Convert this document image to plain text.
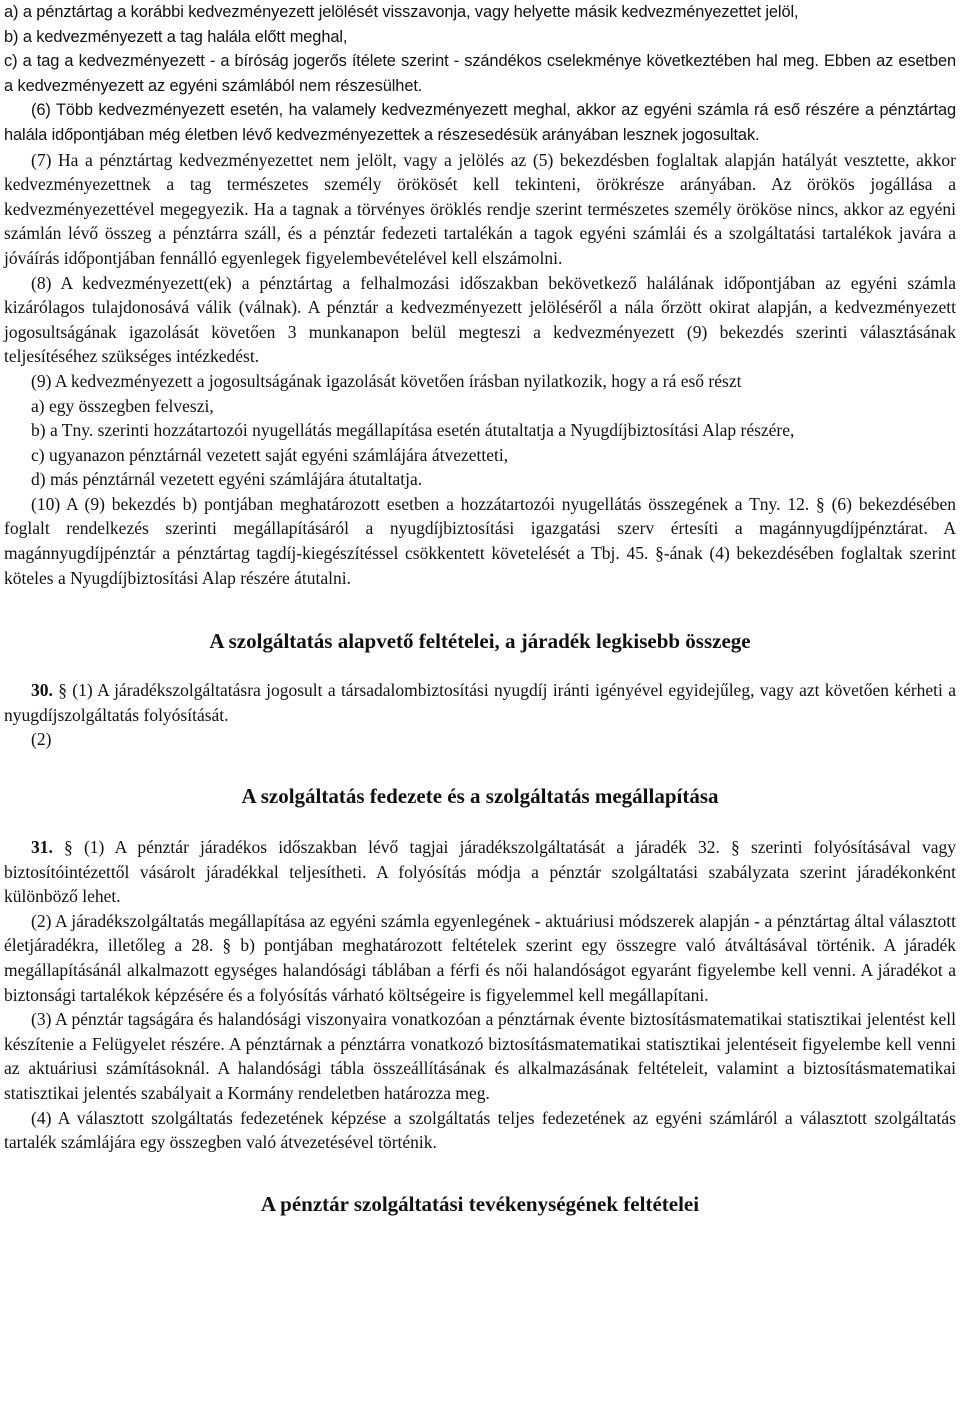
a) a pénztártag a korábbi kedvezményezett jelölését visszavonja, vagy helyette másik kedvezményezettet jelöl,

b) a kedvezményezett a tag halála előtt meghal,

c) a tag a kedvezményezett - a bíróság jogerős ítélete szerint - szándékos cselekménye következtében hal meg. Ebben az esetben a kedvezményezett az egyéni számlából nem részesülhet.

(6) Több kedvezményezett esetén, ha valamely kedvezményezett meghal, akkor az egyéni számla rá eső részére a pénztártag halála időpontjában még életben lévő kedvezményezettek a részesedésük arányában lesznek jogosultak.

(7) Ha a pénztártag kedvezményezettet nem jelölt, vagy a jelölés az (5) bekezdésben foglaltak alapján hatályát vesztette, akkor kedvezményezettnek a tag természetes személy örökösét kell tekinteni, örökrésze arányában. Az örökös jogállása a kedvezményezettével megegyezik. Ha a tagnak a törvényes öröklés rendje szerint természetes személy örököse nincs, akkor az egyéni számlán lévő összeg a pénztárra száll, és a pénztár fedezeti tartalékán a tagok egyéni számlái és a szolgáltatási tartalékok javára a jóváírás időpontjában fennálló egyenlegek figyelembevételével kell elszámolni.

(8) A kedvezményezett(ek) a pénztártag a felhalmozási időszakban bekövetkező halálának időpontjában az egyéni számla kizárólagos tulajdonosává válik (válnak). A pénztár a kedvezményezett jelöléséről a nála őrzött okirat alapján, a kedvezményezett jogosultságának igazolását követően 3 munkanapon belül megteszi a kedvezményezett (9) bekezdés szerinti választásának teljesítéséhez szükséges intézkedést.

(9) A kedvezményezett a jogosultságának igazolását követően írásban nyilatkozik, hogy a rá eső részt

a) egy összegben felveszi,

b) a Tny. szerinti hozzátartozói nyugellátás megállapítása esetén átutaltatja a Nyugdíjbiztosítási Alap részére,

c) ugyanazon pénztárnál vezetett saját egyéni számlájára átvezetteti,

d) más pénztárnál vezetett egyéni számlájára átutaltatja.

(10) A (9) bekezdés b) pontjában meghatározott esetben a hozzátartozói nyugellátás összegének a Tny. 12. § (6) bekezdésében foglalt rendelkezés szerinti megállapításáról a nyugdíjbiztosítási igazgatási szerv értesíti a magánnyugdíjpénztárat. A magánnyugdíjpénztár a pénztártag tagdíj-kiegészítéssel csökkentett követelését a Tbj. 45. §-ának (4) bekezdésében foglaltak szerint köteles a Nyugdíjbiztosítási Alap részére átutalni.

A szolgáltatás alapvető feltételei, a járadék legkisebb összege

30. § (1) A járadékszolgáltatásra jogosult a társadalombiztosítási nyugdíj iránti igényével egyidejűleg, vagy azt követően kérheti a nyugdíjszolgáltatás folyósítását.

(2)

A szolgáltatás fedezete és a szolgáltatás megállapítása

31. § (1) A pénztár járadékos időszakban lévő tagjai járadékszolgáltatását a járadék 32. § szerinti folyósításával vagy biztosítóintézettől vásárolt járadékkal teljesítheti. A folyósítás módja a pénztár szolgáltatási szabályzata szerint járadékonként különböző lehet.

(2) A járadékszolgáltatás megállapítása az egyéni számla egyenlegének - aktuáriusi módszerek alapján - a pénztártag által választott életjáradékra, illetőleg a 28. § b) pontjában meghatározott feltételek szerint egy összegre való átváltásával történik. A járadék megállapításánál alkalmazott egységes halandósági táblában a férfi és női halandóságot egyaránt figyelembe kell venni. A járadékot a biztonsági tartalékok képzésére és a folyósítás várható költségeire is figyelemmel kell megállapítani.

(3) A pénztár tagságára és halandósági viszonyaira vonatkozóan a pénztárnak évente biztosításmatematikai statisztikai jelentést kell készítenie a Felügyelet részére. A pénztárnak a pénztárra vonatkozó biztosításmatematikai statisztikai jelentéseit figyelembe kell venni az aktuáriusi számításoknál. A halandósági tábla összeállításának és alkalmazásának feltételeit, valamint a biztosításmatematikai statisztikai jelentés szabályait a Kormány rendeletben határozza meg.

(4) A választott szolgáltatás fedezetének képzése a szolgáltatás teljes fedezetének az egyéni számláról a választott szolgáltatás tartalék számlájára egy összegben való átvezetésével történik.

A pénztár szolgáltatási tevékenységének feltételei
